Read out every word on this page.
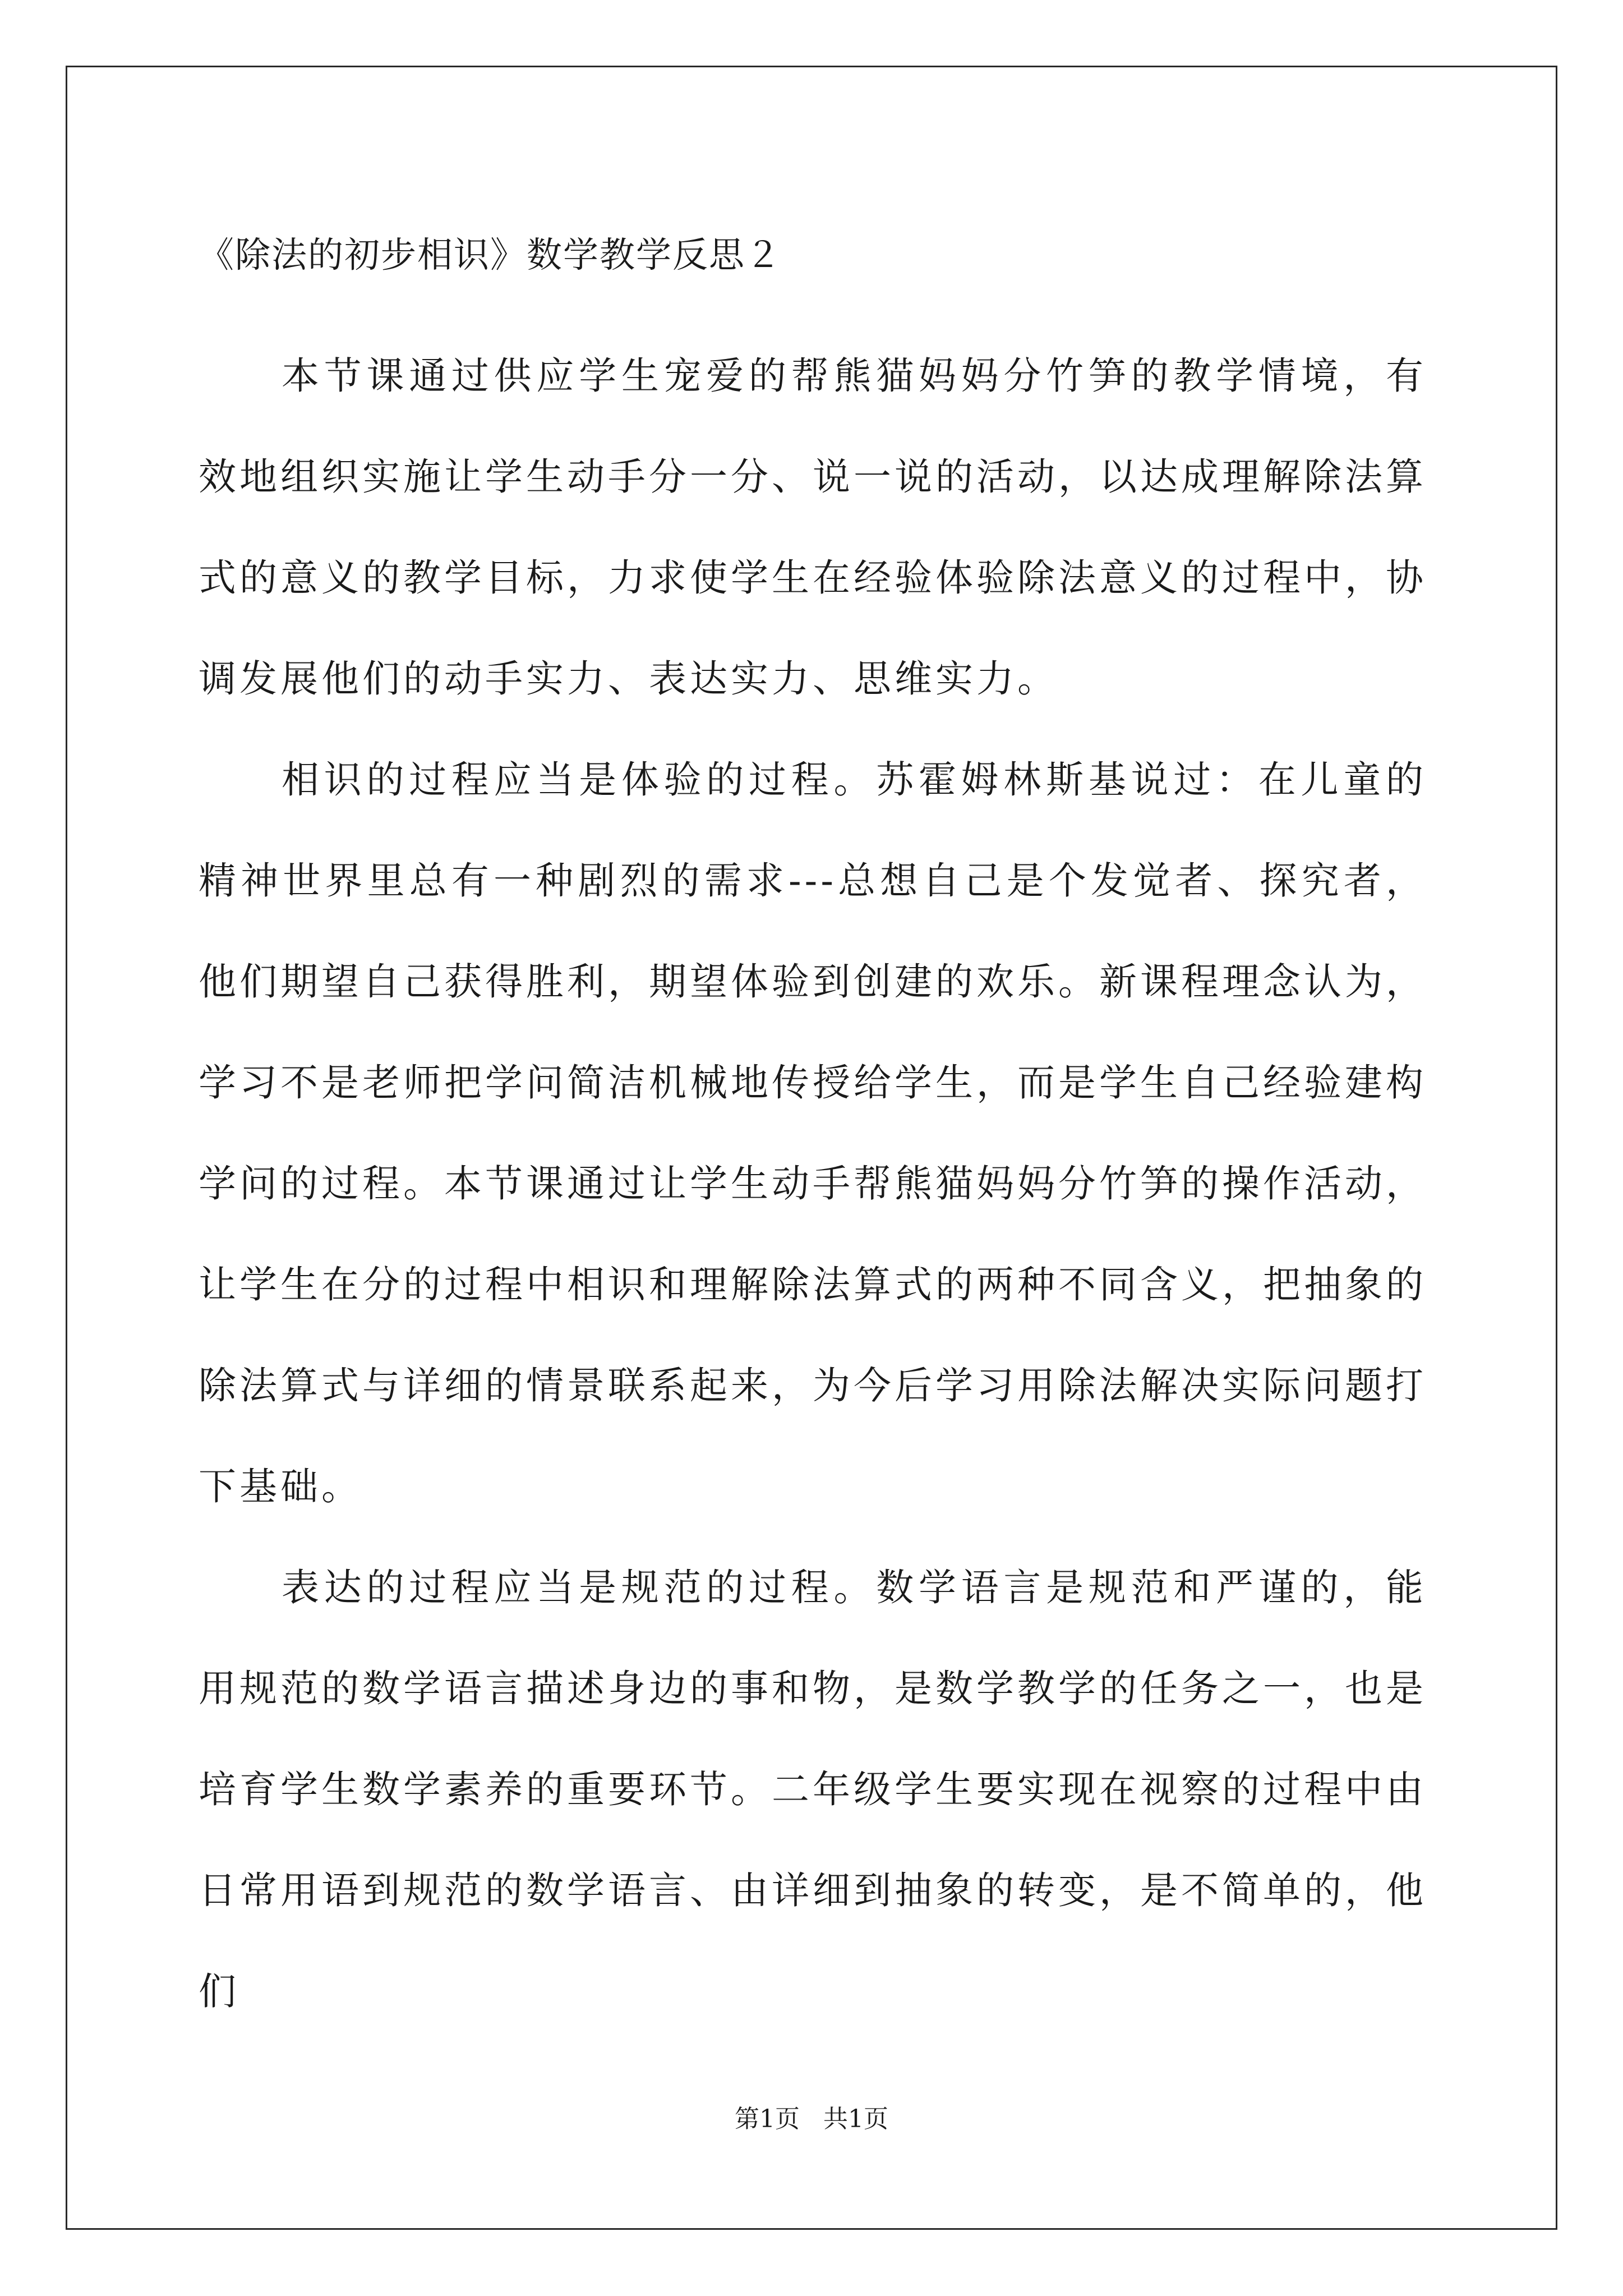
《除法的初步相识》数学教学反思２

本节课通过供应学生宠爱的帮熊猫妈妈分竹笋的教学情境，有效地组织实施让学生动手分一分、说一说的活动，以达成理解除法算式的意义的教学目标，力求使学生在经验体验除法意义的过程中，协调发展他们的动手实力、表达实力、思维实力。

相识的过程应当是体验的过程。苏霍姆林斯基说过：在儿童的精神世界里总有一种剧烈的需求---总想自己是个发觉者、探究者，他们期望自己获得胜利，期望体验到创建的欢乐。新课程理念认为，学习不是老师把学问简洁机械地传授给学生，而是学生自己经验建构学问的过程。本节课通过让学生动手帮熊猫妈妈分竹笋的操作活动，让学生在分的过程中相识和理解除法算式的两种不同含义，把抽象的除法算式与详细的情景联系起来，为今后学习用除法解决实际问题打下基础。

表达的过程应当是规范的过程。数学语言是规范和严谨的，能用规范的数学语言描述身边的事和物，是数学教学的任务之一，也是培育学生数学素养的重要环节。二年级学生要实现在视察的过程中由日常用语到规范的数学语言、由详细到抽象的转变，是不简单的，他们

第1页 共1页
